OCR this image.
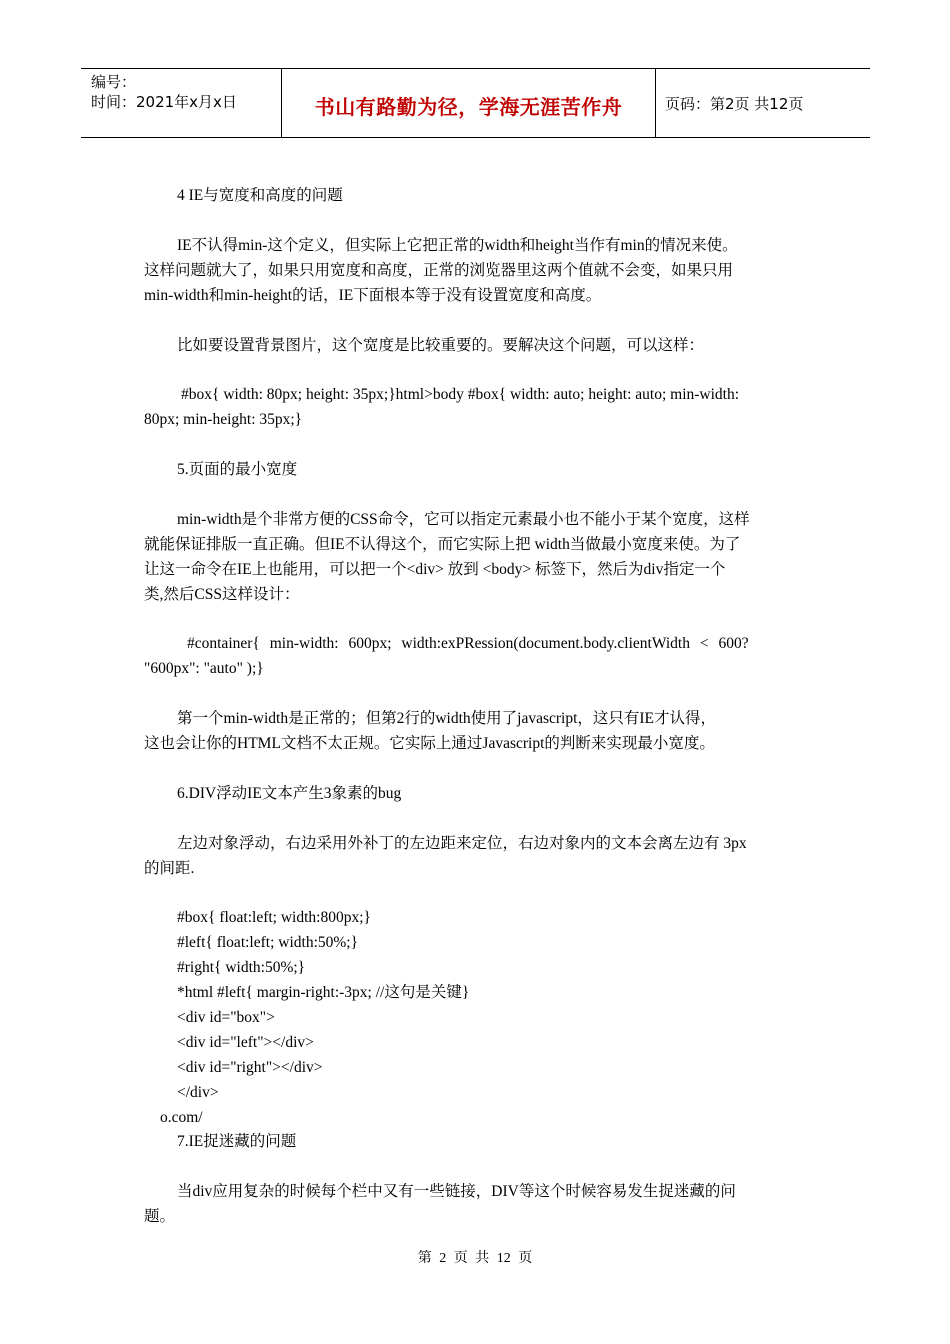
编号：
时间：2021年x月x日	书山有路勤为径，学海无涯苦作舟	页码：第2页 共12页
4 IE与宽度和高度的问题
IE不认得min-这个定义，但实际上它把正常的width和height当作有min的情况来使。
这样问题就大了，如果只用宽度和高度，正常的浏览器里这两个值就不会变，如果只用
min-width和min-height的话，IE下面根本等于没有设置宽度和高度。
比如要设置背景图片，这个宽度是比较重要的。要解决这个问题，可以这样：
#box{ width: 80px; height: 35px;}html>body #box{ width: auto; height: auto; min-width:
80px; min-height: 35px;}
5.页面的最小宽度
min-width是个非常方便的CSS命令，它可以指定元素最小也不能小于某个宽度，这样
就能保证排版一直正确。但IE不认得这个，而它实际上把 width当做最小宽度来使。为了
让这一命令在IE上也能用，可以把一个<div> 放到 <body> 标签下，然后为div指定一个
类,然后CSS这样设计：
#container{ min-width: 600px; width:exPRession(document.body.clientWidth < 600?
"600px": "auto" );}
第一个min-width是正常的；但第2行的width使用了javascript，这只有IE才认得，
这也会让你的HTML文档不太正规。它实际上通过Javascript的判断来实现最小宽度。
6.DIV浮动IE文本产生3象素的bug
左边对象浮动，右边采用外补丁的左边距来定位，右边对象内的文本会离左边有 3px
的间距.
#box{ float:left; width:800px;}
#left{ float:left; width:50%;}
#right{ width:50%;}
*html #left{ margin-right:-3px; //这句是关键}
<div id="box">
<div id="left"></div>
<div id="right"></div>
</div>
o.com/
7.IE捉迷藏的问题
当div应用复杂的时候每个栏中又有一些链接，DIV等这个时候容易发生捉迷藏的问
题。
第 2 页 共 12 页
